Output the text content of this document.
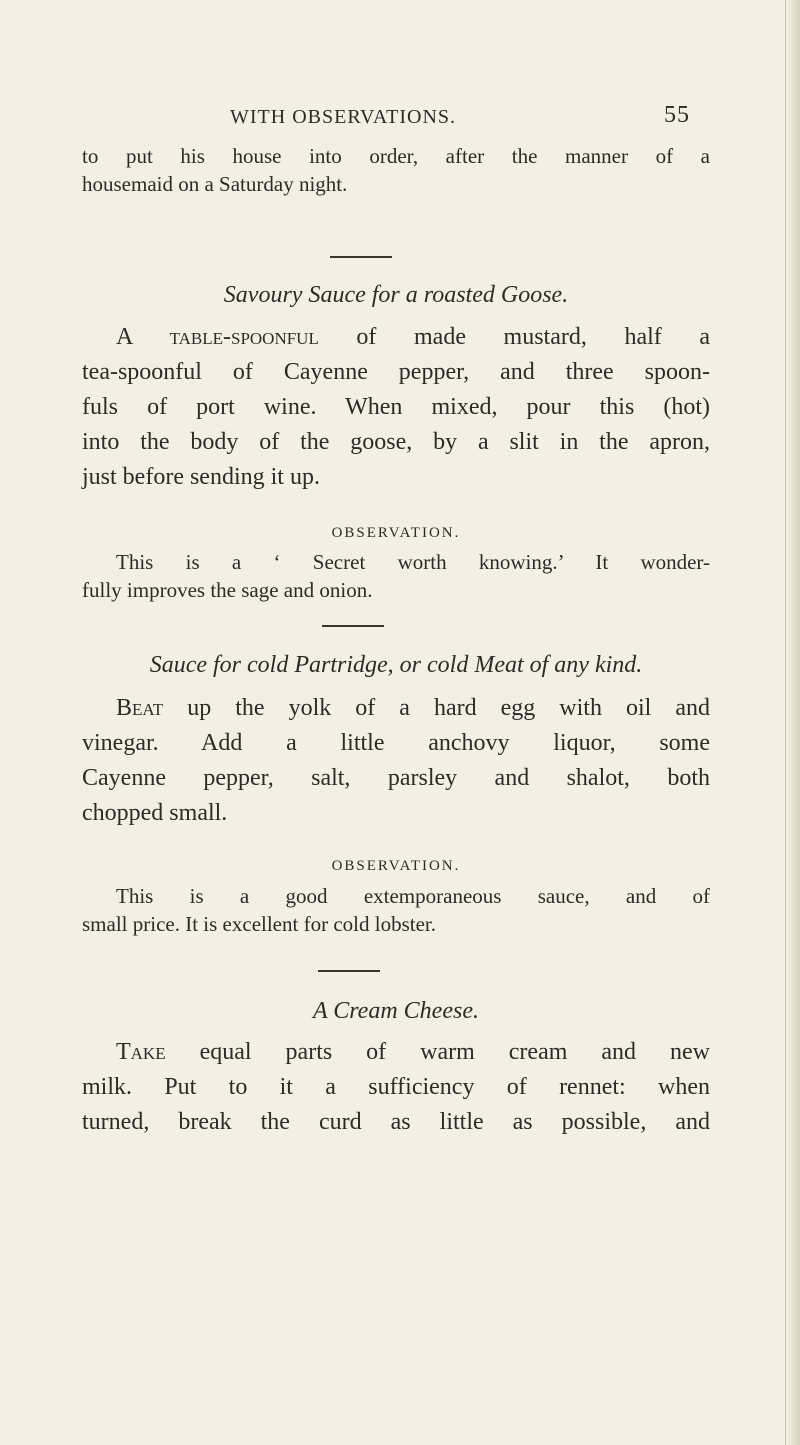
WITH OBSERVATIONS.	55

to put his house into order, after the manner of a

housemaid on a Saturday night.

Savoury Sauce for a roasted Goose.

A table-spoonful of made mustard, half a

tea-spoonful of Cayenne pepper, and three spoon-

fuls of port wine. When mixed, pour this (hot)

into the body of the goose, by a slit in the apron,

just before sending it up.

OBSERVATION.

This is a ‘ Secret worth knowing.’ It wonder-

fully improves the sage and onion.

Sauce for cold Partridge, or cold Meat of any kind.

Beat up the yolk of a hard egg with oil and

vinegar. Add a little anchovy liquor, some

Cayenne pepper, salt, parsley and shalot, both

chopped small.

OBSERVATION.

This is a good extemporaneous sauce, and of

small price. It is excellent for cold lobster.

A Cream Cheese.

Take equal parts of warm cream and new

milk. Put to it a sufficiency of rennet: when

turned, break the curd as little as possible, and
